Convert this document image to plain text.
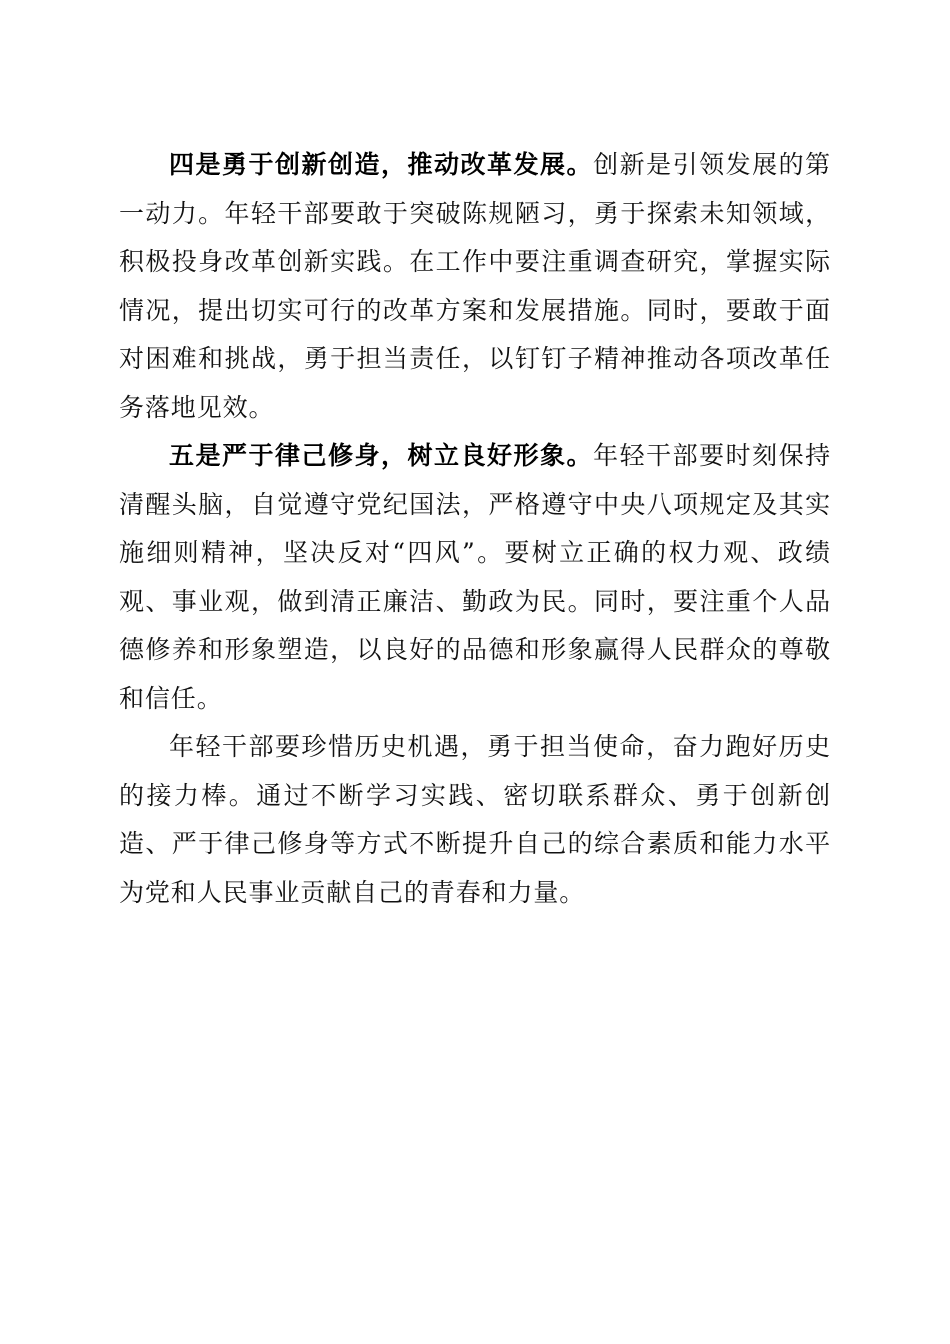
四是勇于创新创造，推动改革发展。创新是引领发展的第一动力。年轻干部要敢于突破陈规陋习，勇于探索未知领域，积极投身改革创新实践。在工作中要注重调查研究，掌握实际情况，提出切实可行的改革方案和发展措施。同时，要敢于面对困难和挑战，勇于担当责任，以钉钉子精神推动各项改革任务落地见效。

五是严于律己修身，树立良好形象。年轻干部要时刻保持清醒头脑，自觉遵守党纪国法，严格遵守中央八项规定及其实施细则精神，坚决反对“四风”。要树立正确的权力观、政绩观、事业观，做到清正廉洁、勤政为民。同时，要注重个人品德修养和形象塑造，以良好的品德和形象赢得人民群众的尊敬和信任。

年轻干部要珍惜历史机遇，勇于担当使命，奋力跑好历史的接力棒。通过不断学习实践、密切联系群众、勇于创新创造、严于律己修身等方式不断提升自己的综合素质和能力水平为党和人民事业贡献自己的青春和力量。
